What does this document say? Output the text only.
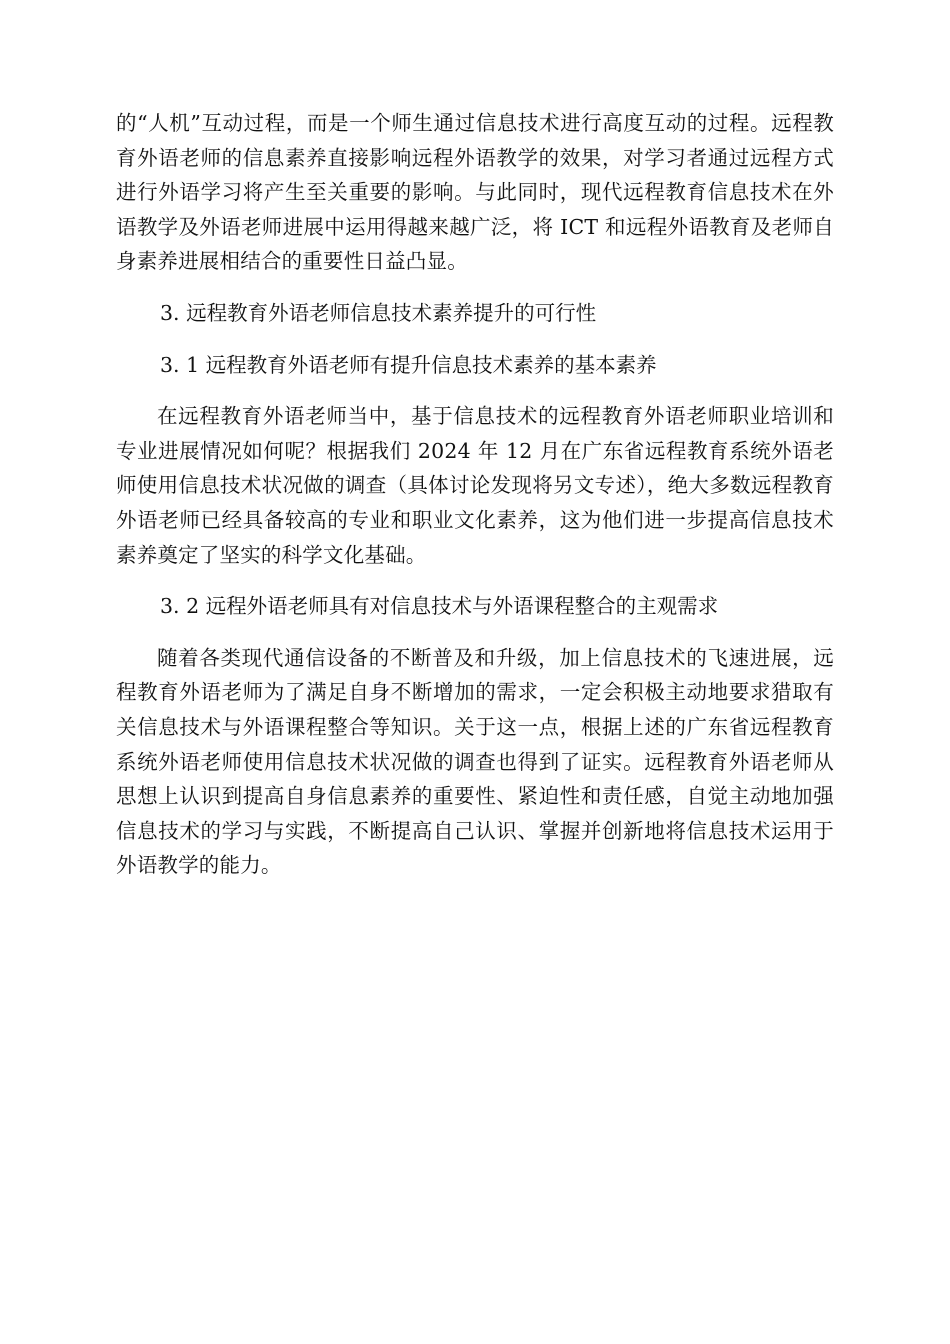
的“人机”互动过程，而是一个师生通过信息技术进行高度互动的过程。远程教育外语老师的信息素养直接影响远程外语教学的效果，对学习者通过远程方式进行外语学习将产生至关重要的影响。与此同时，现代远程教育信息技术在外语教学及外语老师进展中运用得越来越广泛，将 ICT 和远程外语教育及老师自身素养进展相结合的重要性日益凸显。

3. 远程教育外语老师信息技术素养提升的可行性

3. 1 远程教育外语老师有提升信息技术素养的基本素养

在远程教育外语老师当中，基于信息技术的远程教育外语老师职业培训和专业进展情况如何呢？根据我们 2024 年 12 月在广东省远程教育系统外语老师使用信息技术状况做的调查（具体讨论发现将另文专述），绝大多数远程教育外语老师已经具备较高的专业和职业文化素养，这为他们进一步提高信息技术素养奠定了坚实的科学文化基础。

3. 2 远程外语老师具有对信息技术与外语课程整合的主观需求

随着各类现代通信设备的不断普及和升级，加上信息技术的飞速进展，远程教育外语老师为了满足自身不断增加的需求，一定会积极主动地要求猎取有关信息技术与外语课程整合等知识。关于这一点，根据上述的广东省远程教育系统外语老师使用信息技术状况做的调查也得到了证实。远程教育外语老师从思想上认识到提高自身信息素养的重要性、紧迫性和责任感，自觉主动地加强信息技术的学习与实践，不断提高自己认识、掌握并创新地将信息技术运用于外语教学的能力。
